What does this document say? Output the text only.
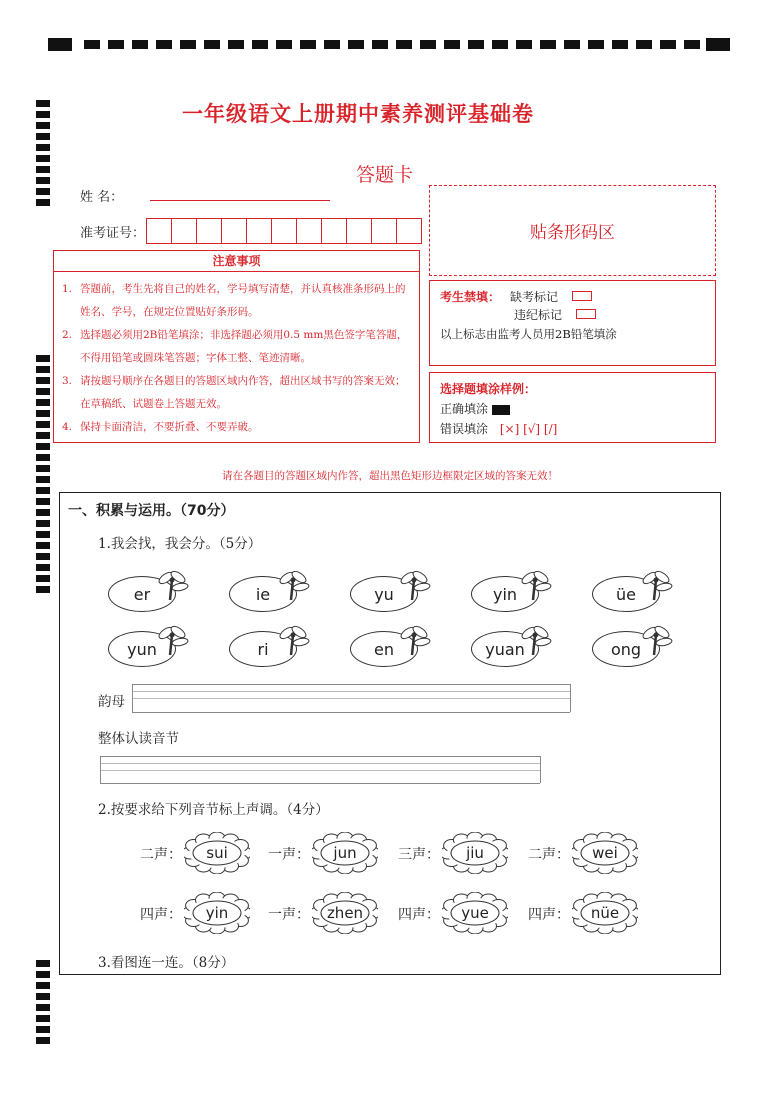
一年级语文上册期中素养测评基础卷
答题卡
姓 名：
准考证号：	贴条形码区
注意事项
1. 答题前，考生先将自己的姓名，学号填写清楚，并认真核准条形码上的姓名、学号，在规定位置贴好条形码。
2. 选择题必须用2B铅笔填涂；非选择题必须用0.5 mm黑色签字笔答题，不得用铅笔或圆珠笔答题；字体工整、笔迹清晰。
3. 请按题号顺序在各题目的答题区域内作答，超出区域书写的答案无效；在草稿纸、试题卷上答题无效。
4. 保持卡面清洁，不要折叠、不要弄破。
考生禁填： 缺考标记
违纪标记
以上标志由监考人员用2B铅笔填涂
选择题填涂样例：
正确填涂
错误填涂 [×] [√] [/]
请在各题目的答题区域内作答，超出黑色矩形边框限定区域的答案无效！
一、积累与运用。（70分）
1.我会找，我会分。（5分）
er	ie	yu	yin	üe
yun	ri	en	yuan	ong
韵母
整体认读音节
2.按要求给下列音节标上声调。（4分）
二声：	sui	一声：	jun	三声：	jiu	二声：	wei
四声：	yin	一声：	zhen	四声：	yue	四声：	nüe
3.看图连一连。（8分）
